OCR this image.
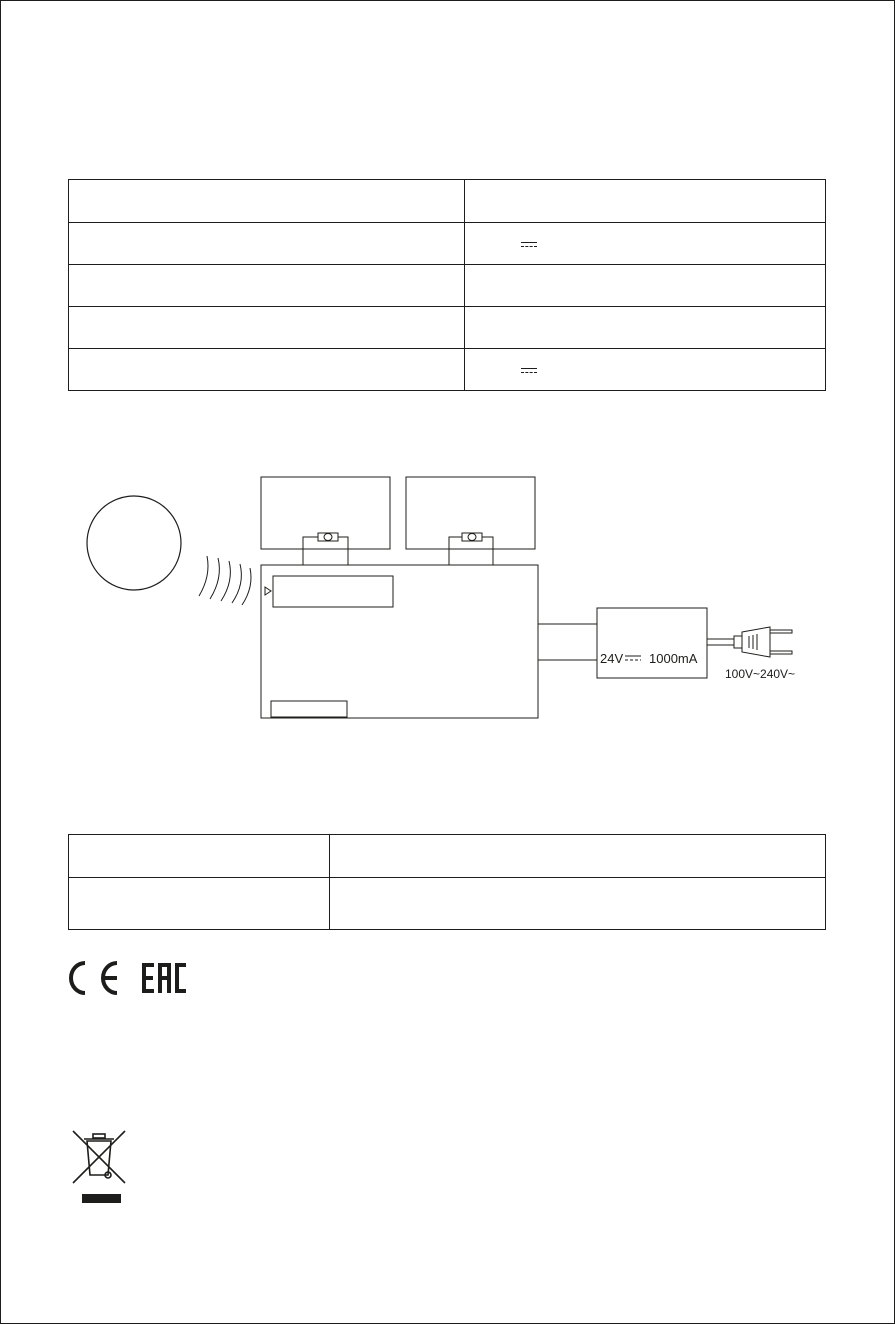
24V 1000mA
100V~240V~
